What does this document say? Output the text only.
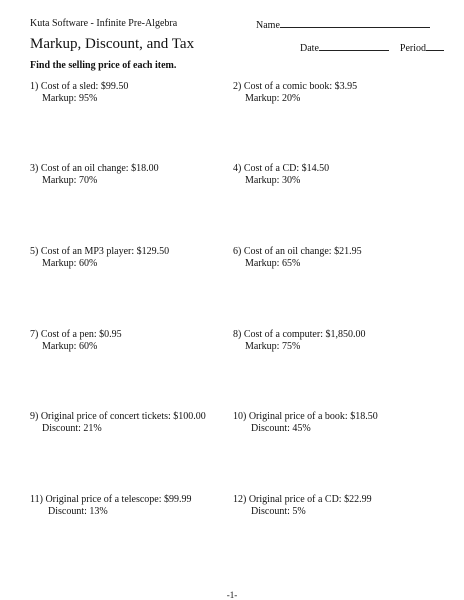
Kuta Software - Infinite Pre-Algebra	Name
Markup, Discount, and Tax	Date	Period
Find the selling price of each item.
1) Cost of a sled: $99.50
Markup: 95%
2) Cost of a comic book: $3.95
Markup: 20%
3) Cost of an oil change: $18.00
Markup: 70%
4) Cost of a CD: $14.50
Markup: 30%
5) Cost of an MP3 player: $129.50
Markup: 60%
6) Cost of an oil change: $21.95
Markup: 65%
7) Cost of a pen: $0.95
Markup: 60%
8) Cost of a computer: $1,850.00
Markup: 75%
9) Original price of concert tickets: $100.00
Discount: 21%
10) Original price of a book: $18.50
Discount: 45%
11) Original price of a telescope: $99.99
Discount: 13%
12) Original price of a CD: $22.99
Discount: 5%
-1-
